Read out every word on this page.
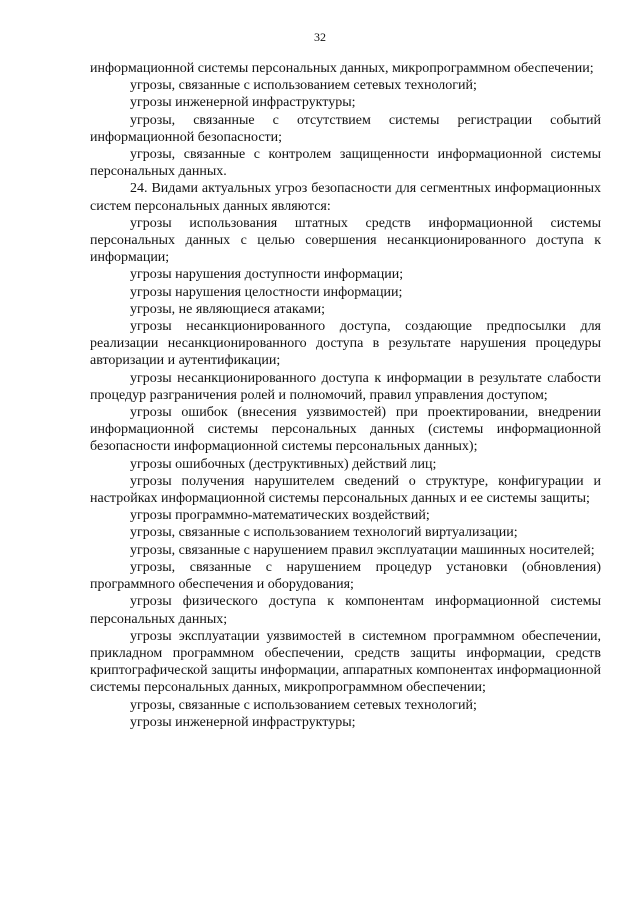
32

информационной системы персональных данных, микропрограммном обеспечении;

угрозы, связанные с использованием сетевых технологий;

угрозы инженерной инфраструктуры;

угрозы, связанные с отсутствием системы регистрации событий информационной безопасности;

угрозы, связанные с контролем защищенности информационной системы персональных данных.

24. Видами актуальных угроз безопасности для сегментных информационных систем персональных данных являются:

угрозы использования штатных средств информационной системы персональных данных с целью совершения несанкционированного доступа к информации;

угрозы нарушения доступности информации;

угрозы нарушения целостности информации;

угрозы, не являющиеся атаками;

угрозы несанкционированного доступа, создающие предпосылки для реализации несанкционированного доступа в результате нарушения процедуры авторизации и аутентификации;

угрозы несанкционированного доступа к информации в результате слабости процедур разграничения ролей и полномочий, правил управления доступом;

угрозы ошибок (внесения уязвимостей) при проектировании, внедрении информационной системы персональных данных (системы информационной безопасности информационной системы персональных данных);

угрозы ошибочных (деструктивных) действий лиц;

угрозы получения нарушителем сведений о структуре, конфигурации и настройках информационной системы персональных данных и ее системы защиты;

угрозы программно-математических воздействий;

угрозы, связанные с использованием технологий виртуализации;

угрозы, связанные с нарушением правил эксплуатации машинных носителей;

угрозы, связанные с нарушением процедур установки (обновления) программного обеспечения и оборудования;

угрозы физического доступа к компонентам информационной системы персональных данных;

угрозы эксплуатации уязвимостей в системном программном обеспечении, прикладном программном обеспечении, средств защиты информации, средств криптографической защиты информации, аппаратных компонентах информационной системы персональных данных, микропрограммном обеспечении;

угрозы, связанные с использованием сетевых технологий;

угрозы инженерной инфраструктуры;
